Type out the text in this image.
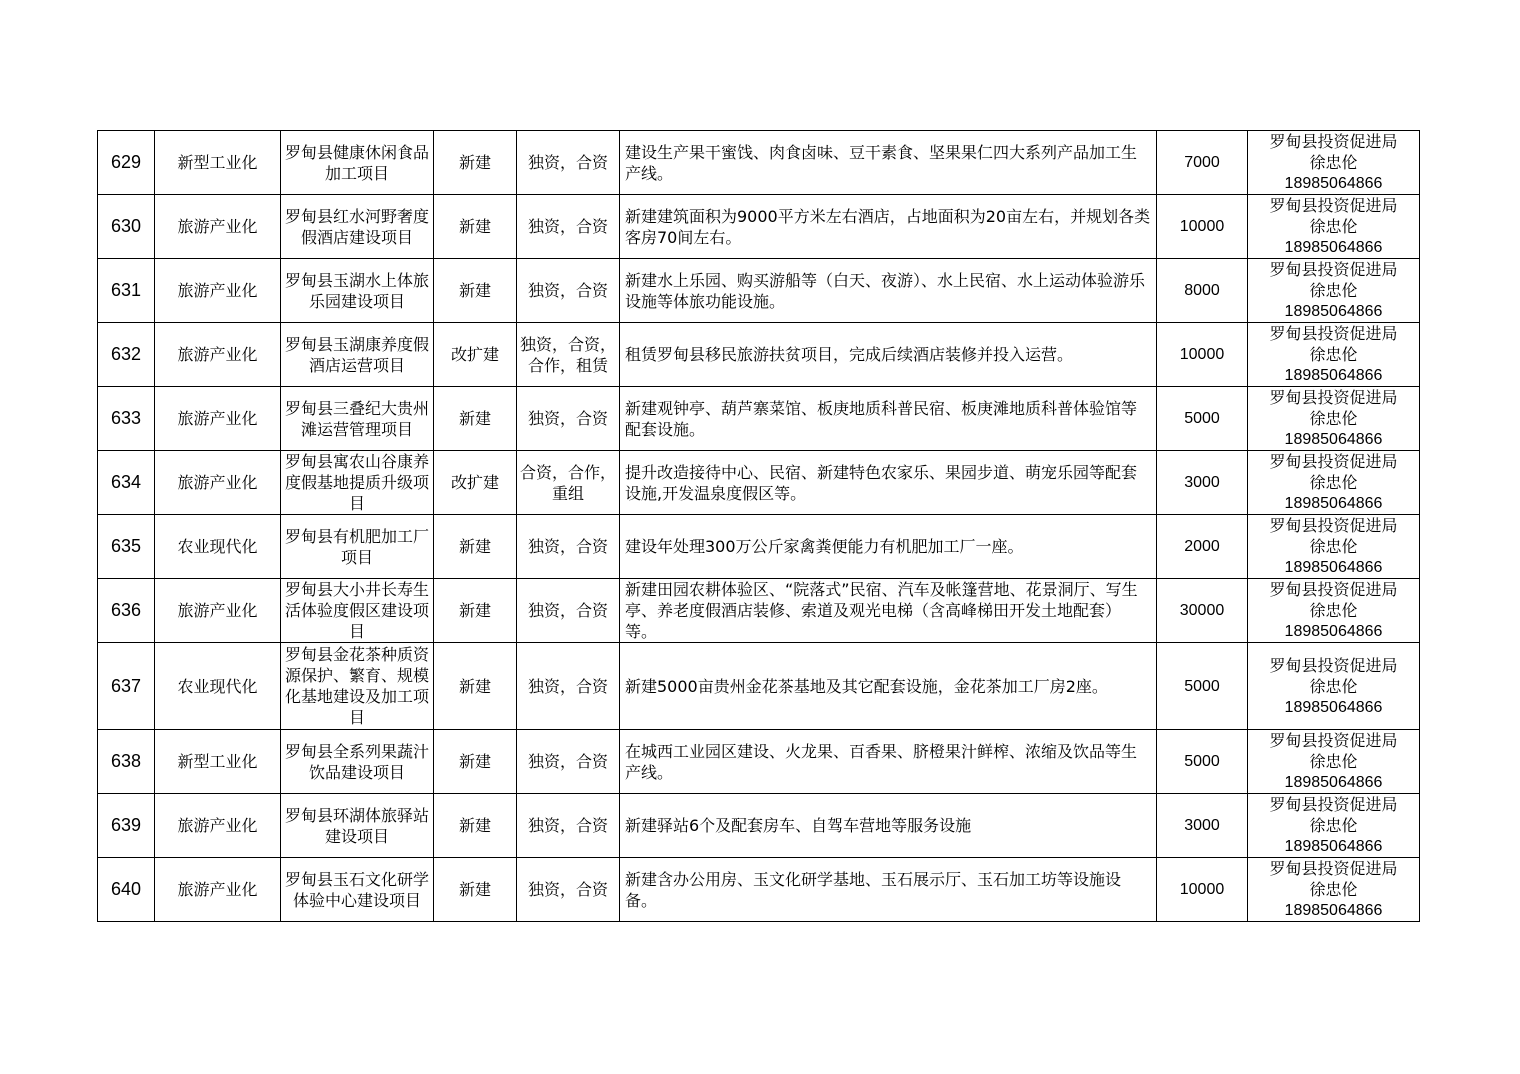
629	新型工业化	罗甸县健康休闲食品加工项目	新建	独资，合资	建设生产果干蜜饯、肉食卤味、豆干素食、坚果果仁四大系列产品加工生产线。	7000	罗甸县投资促进局
徐忠伦
18985064866

630	旅游产业化	罗甸县红水河野奢度假酒店建设项目	新建	独资，合资	新建建筑面积为9000平方米左右酒店，占地面积为20亩左右，并规划各类客房70间左右。	10000	罗甸县投资促进局
徐忠伦
18985064866

631	旅游产业化	罗甸县玉湖水上体旅乐园建设项目	新建	独资，合资	新建水上乐园、购买游船等（白天、夜游）、水上民宿、水上运动体验游乐设施等体旅功能设施。	8000	罗甸县投资促进局
徐忠伦
18985064866

632	旅游产业化	罗甸县玉湖康养度假酒店运营项目	改扩建	独资，合资，合作，租赁	租赁罗甸县移民旅游扶贫项目，完成后续酒店装修并投入运营。	10000	罗甸县投资促进局
徐忠伦
18985064866

633	旅游产业化	罗甸县三叠纪大贵州滩运营管理项目	新建	独资，合资	新建观钟亭、葫芦寨菜馆、板庚地质科普民宿、板庚滩地质科普体验馆等配套设施。	5000	罗甸县投资促进局
徐忠伦
18985064866

634	旅游产业化	罗甸县寓农山谷康养度假基地提质升级项目	改扩建	合资，合作，重组	提升改造接待中心、民宿、新建特色农家乐、果园步道、萌宠乐园等配套设施,开发温泉度假区等。	3000	罗甸县投资促进局
徐忠伦
18985064866

635	农业现代化	罗甸县有机肥加工厂项目	新建	独资，合资	建设年处理300万公斤家禽粪便能力有机肥加工厂一座。	2000	罗甸县投资促进局
徐忠伦
18985064866

636	旅游产业化	罗甸县大小井长寿生活体验度假区建设项目	新建	独资，合资	新建田园农耕体验区、“院落式”民宿、汽车及帐篷营地、花景洞厅、写生亭、养老度假酒店装修、索道及观光电梯（含高峰梯田开发土地配套）等。	30000	罗甸县投资促进局
徐忠伦
18985064866

637	农业现代化	罗甸县金花茶种质资源保护、繁育、规模化基地建设及加工项目	新建	独资，合资	新建5000亩贵州金花茶基地及其它配套设施，金花茶加工厂房2座。	5000	罗甸县投资促进局
徐忠伦
18985064866

638	新型工业化	罗甸县全系列果蔬汁饮品建设项目	新建	独资，合资	在城西工业园区建设、火龙果、百香果、脐橙果汁鲜榨、浓缩及饮品等生产线。	5000	罗甸县投资促进局
徐忠伦
18985064866

639	旅游产业化	罗甸县环湖体旅驿站建设项目	新建	独资，合资	新建驿站6个及配套房车、自驾车营地等服务设施	3000	罗甸县投资促进局
徐忠伦
18985064866

640	旅游产业化	罗甸县玉石文化研学体验中心建设项目	新建	独资，合资	新建含办公用房、玉文化研学基地、玉石展示厅、玉石加工坊等设施设备。	10000	罗甸县投资促进局
徐忠伦
18985064866
